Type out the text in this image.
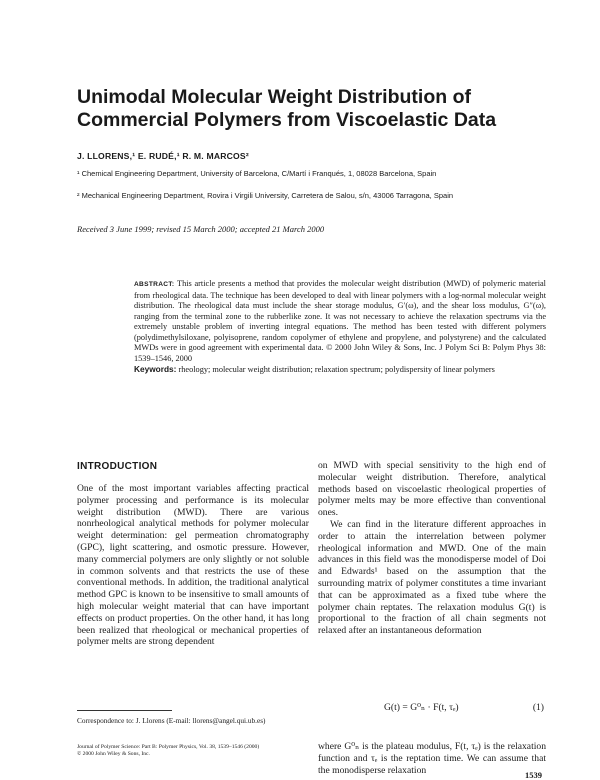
Unimodal Molecular Weight Distribution of Commercial Polymers from Viscoelastic Data
J. LLORENS,¹ E. RUDÉ,¹ R. M. MARCOS²
¹ Chemical Engineering Department, University of Barcelona, C/Martí i Franqués, 1, 08028 Barcelona, Spain
² Mechanical Engineering Department, Rovira i Virgili University, Carretera de Salou, s/n, 43006 Tarragona, Spain
Received 3 June 1999; revised 15 March 2000; accepted 21 March 2000

ABSTRACT: This article presents a method that provides the molecular weight distribution (MWD) of polymeric material from rheological data. The technique has been developed to deal with linear polymers with a log-normal molecular weight distribution. The rheological data must include the shear storage modulus, G′(ω), and the shear loss modulus, G″(ω), ranging from the terminal zone to the rubberlike zone. It was not necessary to achieve the relaxation spectrums via the extremely unstable problem of inverting integral equations. The method has been tested with different polymers (polydimethylsiloxane, polyisoprene, random copolymer of ethylene and propylene, and polystyrene) and the calculated MWDs were in good agreement with experimental data. © 2000 John Wiley & Sons, Inc. J Polym Sci B: Polym Phys 38: 1539–1546, 2000

Keywords: rheology; molecular weight distribution; relaxation spectrum; polydispersity of linear polymers

INTRODUCTION

One of the most important variables affecting practical polymer processing and performance is its molecular weight distribution (MWD). There are various nonrheological analytical methods for polymer molecular weight determination: gel permeation chromatography (GPC), light scattering, and osmotic pressure. However, many commercial polymers are only slightly or not soluble in common solvents and that restricts the use of these conventional methods. In addition, the traditional analytical method GPC is known to be insensitive to small amounts of high molecular weight material that can have important effects on product properties. On the other hand, it has long been realized that rheological or mechanical properties of polymer melts are strong dependent

on MWD with special sensitivity to the high end of molecular weight distribution. Therefore, analytical methods based on viscoelastic rheological properties of polymer melts may be more effective than conventional ones.

We can find in the literature different approaches in order to attain the interrelation between polymer rheological information and MWD. One of the main advances in this field was the monodisperse model of Doi and Edwards¹ based on the assumption that the surrounding matrix of polymer constitutes a time invariant that can be approximated as a fixed tube where the polymer chain reptates. The relaxation modulus G(t) is proportional to the fraction of all chain segments not relaxed after an instantaneous deformation

G(t) = G⁰ₙ · F(t, τₑ)	(1)

where G⁰ₙ is the plateau modulus, F(t, τₑ) is the relaxation function and τₑ is the reptation time. We can assume that the monodisperse relaxation

Correspondence to: J. Llorens (E-mail: llorens@angel.qui.ub.es)
Journal of Polymer Science: Part B: Polymer Physics, Vol. 38, 1539–1546 (2000)
© 2000 John Wiley & Sons, Inc.
1539
